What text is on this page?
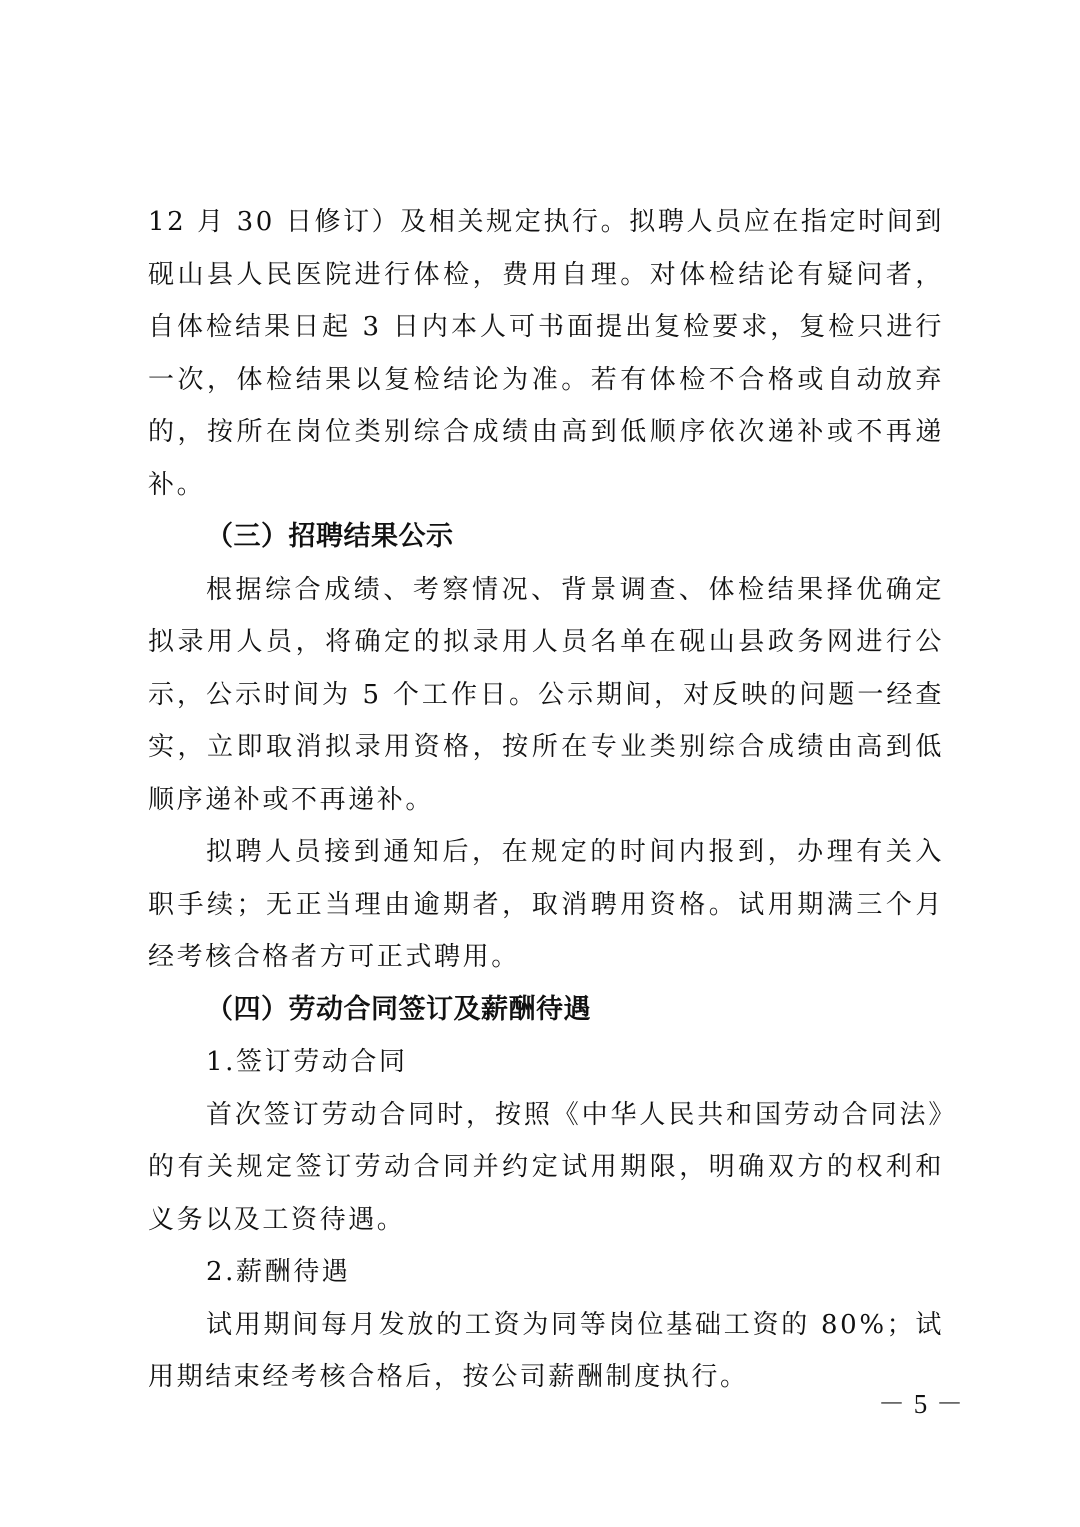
12 月 30 日修订）及相关规定执行。拟聘人员应在指定时间到砚山县人民医院进行体检，费用自理。对体检结论有疑问者，自体检结果日起 3 日内本人可书面提出复检要求，复检只进行一次，体检结果以复检结论为准。若有体检不合格或自动放弃的，按所在岗位类别综合成绩由高到低顺序依次递补或不再递补。

（三）招聘结果公示

根据综合成绩、考察情况、背景调查、体检结果择优确定拟录用人员，将确定的拟录用人员名单在砚山县政务网进行公示，公示时间为 5 个工作日。公示期间，对反映的问题一经查实，立即取消拟录用资格，按所在专业类别综合成绩由高到低顺序递补或不再递补。

拟聘人员接到通知后，在规定的时间内报到，办理有关入职手续；无正当理由逾期者，取消聘用资格。试用期满三个月经考核合格者方可正式聘用。

（四）劳动合同签订及薪酬待遇

1.签订劳动合同

首次签订劳动合同时，按照《中华人民共和国劳动合同法》的有关规定签订劳动合同并约定试用期限，明确双方的权利和义务以及工资待遇。

2.薪酬待遇

试用期间每月发放的工资为同等岗位基础工资的 80%；试用期结束经考核合格后，按公司薪酬制度执行。

－ 5 －
